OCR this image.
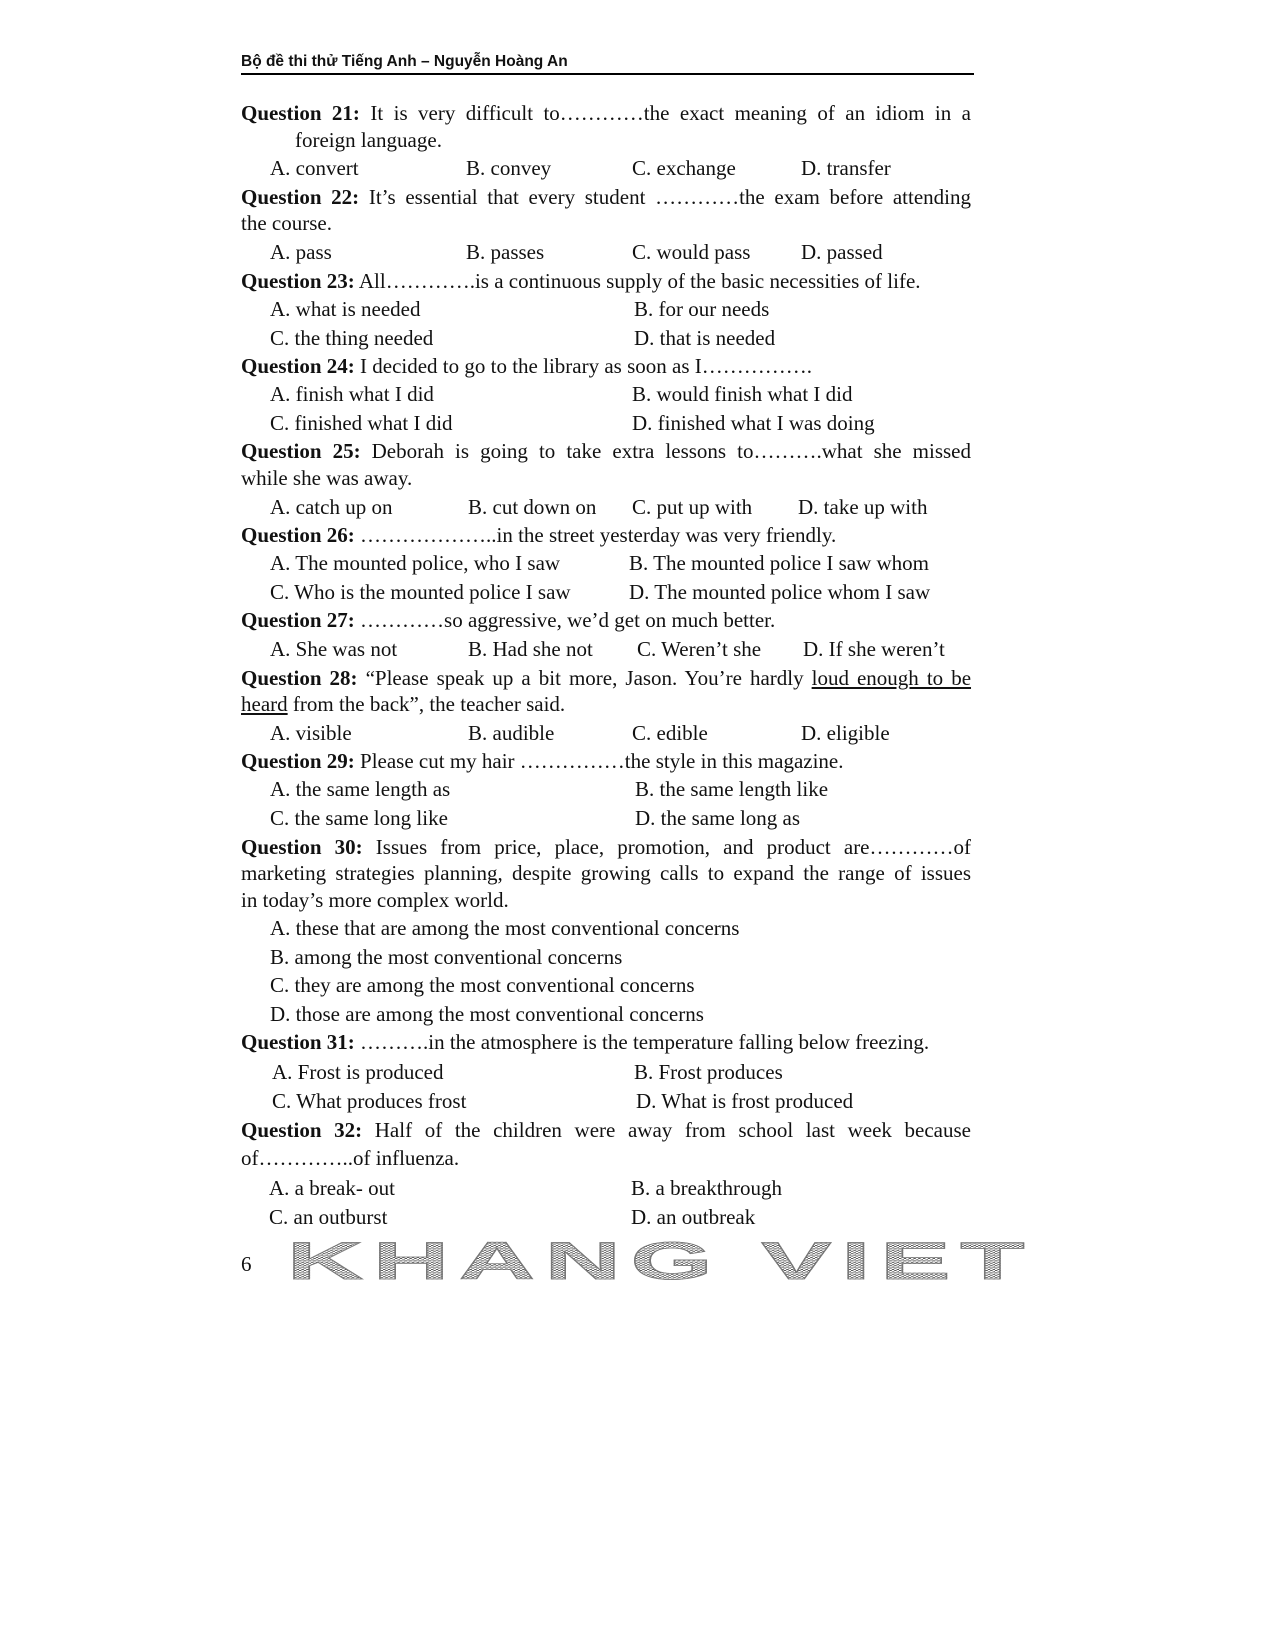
Bộ đề thi thử Tiếng Anh – Nguyễn Hoàng An
Question 21: It is very difficult to…………the exact meaning of an idiom in a
foreign language.
A. convert	B. convey	C. exchange	D. transfer
Question 22: It’s essential that every student …………the exam before attending
the course.
A. pass	B. passes	C. would pass D. passed
Question 23: All………….is a continuous supply of the basic necessities of life.
A. what is needed	B. for our needs
C. the thing needed	D. that is needed
Question 24: I decided to go to the library as soon as I…………….
A. finish what I did	B. would finish what I did
C. finished what I did	D. finished what I was doing
Question 25: Deborah is going to take extra lessons to……….what she missed
while she was away.
A. catch up on	B. cut down on C. put up with D. take up with
Question 26: ………………..in the street yesterday was very friendly.
A. The mounted police, who I saw	B. The mounted police I saw whom
C. Who is the mounted police I saw	D. The mounted police whom I saw
Question 27: …………so aggressive, we’d get on much better.
A. She was not	B. Had she not C. Weren’t she D. If she weren’t
Question 28: “Please speak up a bit more, Jason. You’re hardly loud enough to be
heard from the back”, the teacher said.
A. visible	B. audible	C. edible	D. eligible
Question 29: Please cut my hair ……………the style in this magazine.
A. the same length as	B. the same length like
C. the same long like	D. the same long as
Question 30: Issues from price, place, promotion, and product are…………of
marketing strategies planning, despite growing calls to expand the range of issues
in today’s more complex world.
A. these that are among the most conventional concerns
B. among the most conventional concerns
C. they are among the most conventional concerns
D. those are among the most conventional concerns
Question 31: ……….in the atmosphere is the temperature falling below freezing.
A. Frost is produced	B. Frost produces
C. What produces frost	D. What is frost produced
Question 32: Half of the children were away from school last week because
of…………..of influenza.
A. a break- out	B. a breakthrough
C. an outburst	D. an outbreak
KHANG VIET
6
